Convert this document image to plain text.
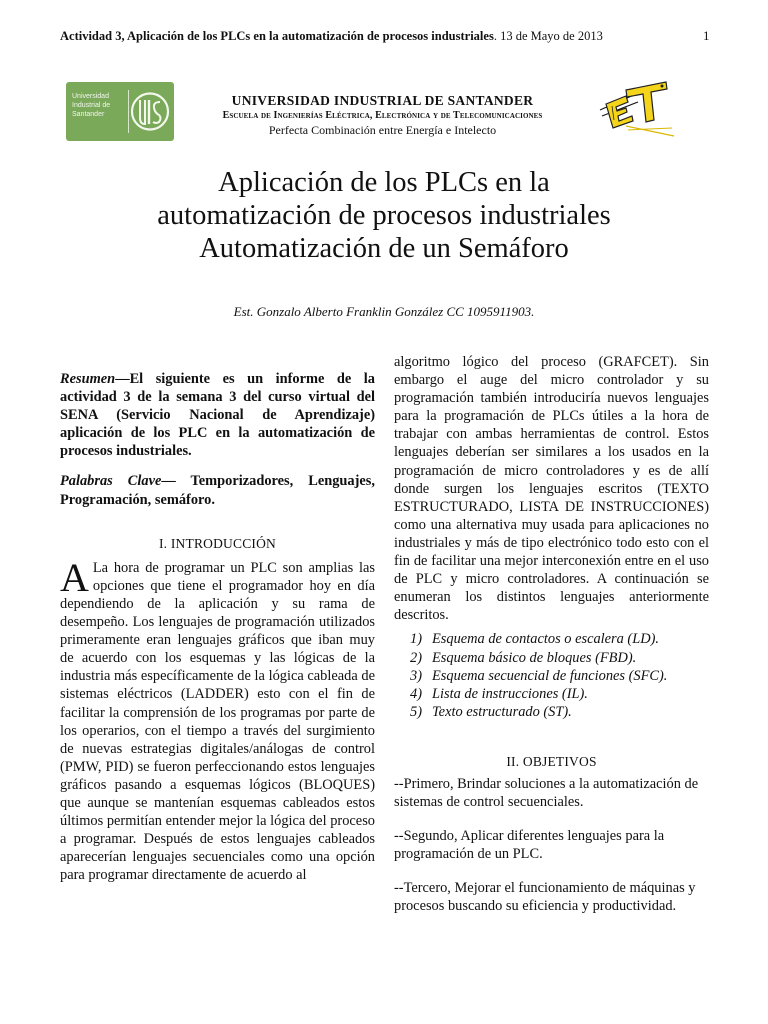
Actividad 3, Aplicación de los PLCs en la automatización de procesos industriales. 13 de Mayo de 2013	1
Universidad Industrial de Santander
UNIVERSIDAD INDUSTRIAL DE SANTANDER
Escuela de Ingenierías Eléctrica, Electrónica y de Telecomunicaciones
Perfecta Combinación entre Energía e Intelecto
Aplicación de los PLCs en la
automatización de procesos industriales
Automatización de un Semáforo
Est. Gonzalo Alberto Franklin González CC 1095911903.

Resumen—El siguiente es un informe de la actividad 3 de la semana 3 del curso virtual del SENA (Servicio Nacional de Aprendizaje) aplicación de los PLC en la automatización de procesos industriales.

Palabras Clave— Temporizadores, Lenguajes, Programación, semáforo.

I. INTRODUCCIÓN

A La hora de programar un PLC son amplias las opciones que tiene el programador hoy en día dependiendo de la aplicación y su rama de desempeño. Los lenguajes de programación utilizados primeramente eran lenguajes gráficos que iban muy de acuerdo con los esquemas y las lógicas de la industria más específicamente de la lógica cableada de sistemas eléctricos (LADDER) esto con el fin de facilitar la comprensión de los programas por parte de los operarios, con el tiempo a través del surgimiento de nuevas estrategias digitales/análogas de control (PMW, PID) se fueron perfeccionando estos lenguajes gráficos pasando a esquemas lógicos (BLOQUES) que aunque se mantenían esquemas cableados estos últimos permitían entender mejor la lógica del proceso a programar. Después de estos lenguajes cableados aparecerían lenguajes secuenciales como una opción para programar directamente de acuerdo al

algoritmo lógico del proceso (GRAFCET). Sin embargo el auge del micro controlador y su programación también introduciría nuevos lenguajes para la programación de PLCs útiles a la hora de trabajar con ambas herramientas de control. Estos lenguajes deberían ser similares a los usados en la programación de micro controladores y es de allí donde surgen los lenguajes escritos (TEXTO ESTRUCTURADO, LISTA DE INSTRUCCIONES) como una alternativa muy usada para aplicaciones no industriales y más de tipo electrónico todo esto con el fin de facilitar una mejor interconexión entre en el uso de PLC y micro controladores. A continuación se enumeran los distintos lenguajes anteriormente descritos.

1) Esquema de contactos o escalera (LD).
2) Esquema básico de bloques (FBD).
3) Esquema secuencial de funciones (SFC).
4) Lista de instrucciones (IL).
5) Texto estructurado (ST).
II. OBJETIVOS

--Primero, Brindar soluciones a la automatización de sistemas de control secuenciales.

--Segundo, Aplicar diferentes lenguajes para la programación de un PLC.

--Tercero, Mejorar el funcionamiento de máquinas y procesos buscando su eficiencia y productividad.
